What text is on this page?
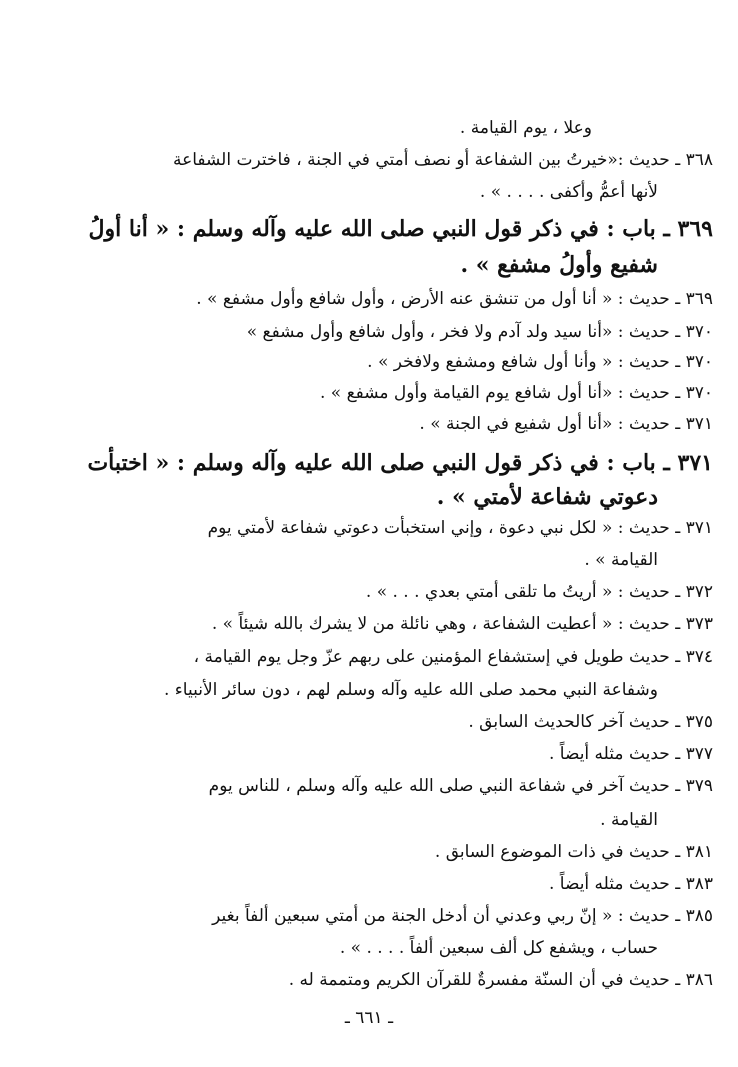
وعلا ، يوم القيامة .
٣٦٨ ـ حديث :«خيرتُ بين الشفاعة أو نصف أمتي في الجنة ، فاخترت الشفاعة
لأنها أعمُّ وأكفى . . . . » .
٣٦٩ ـ باب : في ذكر قول النبي صلى الله عليه وآله وسلم : « أنا أولُ
شفيع وأولُ مشفع » .
٣٦٩ ـ حديث : « أنا أول من تنشق عنه الأرض ، وأول شافع وأول مشفع » .
٣٧٠ ـ حديث : «أنا سيد ولد آدم ولا فخر ، وأول شافع وأول مشفع »
٣٧٠ ـ حديث : « وأنا أول شافع ومشفع ولافخر » .
٣٧٠ ـ حديث : «أنا أول شافع يوم القيامة وأول مشفع » .
٣٧١ ـ حديث : «أنا أول شفيع في الجنة » .
٣٧١ ـ باب : في ذكر قول النبي صلى الله عليه وآله وسلم : « اختبأت
دعوتي شفاعة لأمتي » .
٣٧١ ـ حديث : « لكل نبي دعوة ، وإني استخبأت دعوتي شفاعة لأمتي يوم
القيامة » .
٣٧٢ ـ حديث : « أريتُ ما تلقى أمتي بعدي . . . » .
٣٧٣ ـ حديث : « أعطيت الشفاعة ، وهي نائلة من لا يشرك بالله شيئاً » .
٣٧٤ ـ حديث طويل في إستشفاع المؤمنين على ربهم عزّ وجل يوم القيامة ،
وشفاعة النبي محمد صلى الله عليه وآله وسلم لهم ، دون سائر الأنبياء .
٣٧٥ ـ حديث آخر كالحديث السابق .
٣٧٧ ـ حديث مثله أيضاً .
٣٧٩ ـ حديث آخر في شفاعة النبي صلى الله عليه وآله وسلم ، للناس يوم
القيامة .
٣٨١ ـ حديث في ذات الموضوع السابق .
٣٨٣ ـ حديث مثله أيضاً .
٣٨٥ ـ حديث : « إنّ ربي وعدني أن أدخل الجنة من أمتي سبعين ألفاً بغير
حساب ، ويشفع كل ألف سبعين ألفاً . . . . » .
٣٨٦ ـ حديث في أن السنّة مفسرةٌ للقرآن الكريم ومتممة له .
ـ ٦٦١ ـ
